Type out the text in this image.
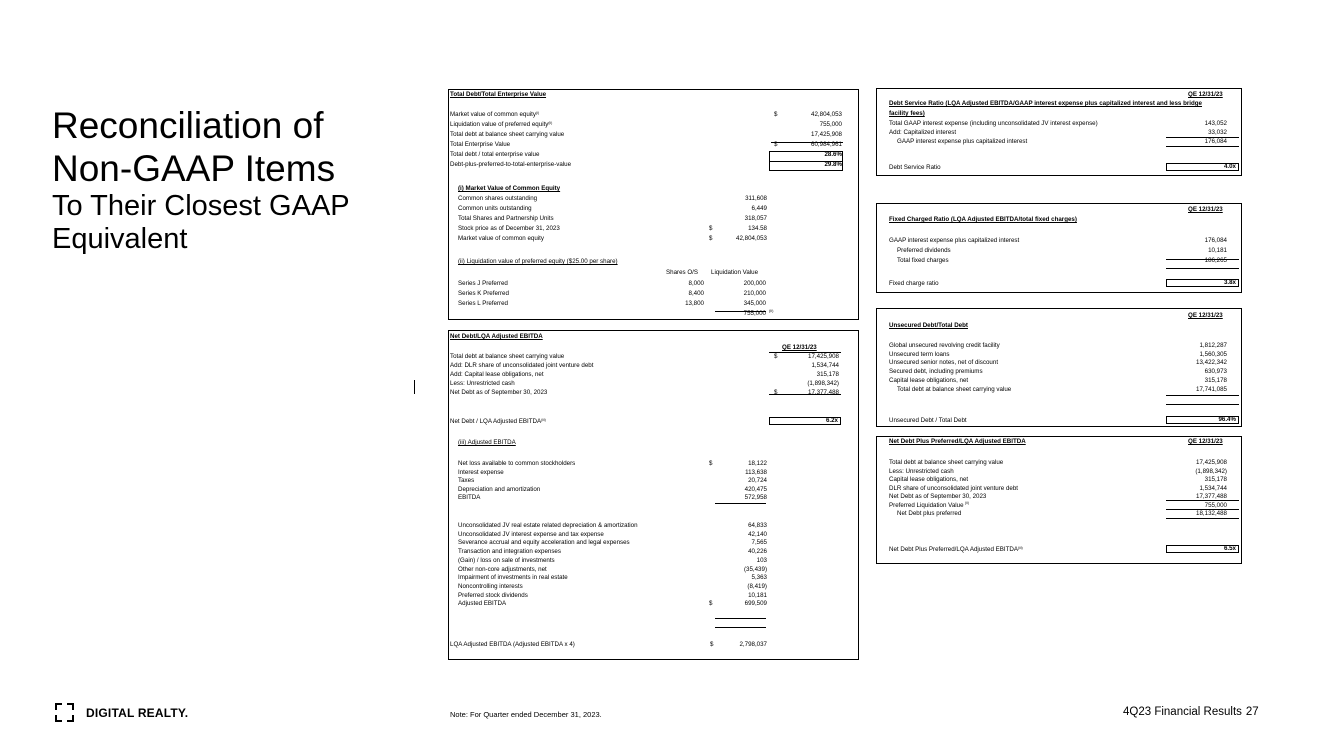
Reconciliation of
Non-GAAP Items
To Their Closest GAAP
Equivalent
Total Debt/Total Enterprise Value
Market value of common equity$^{(i)}$	$	42,804,053
Liquidation value of preferred equity$^{(ii)}$	755,000
Total debt at balance sheet carrying value	17,425,908
Total Enterprise Value	$	60,984,961
Total debt / total enterprise value	28.6%
Debt-plus-preferred-to-total-enterprise-value	29.8%
(i) Market Value of Common Equity
Common shares outstanding	311,608
Common units outstanding	6,449
Total Shares and Partnership Units	318,057
Stock price as of December 31, 2023	$	134.58
Market value of common equity	$	42,804,053
(ii) Liquidation value of preferred equity ($25.00 per share)
Shares O/S Liquidation Value
Series J Preferred	8,000	200,000
Series K Preferred	8,400	210,000
Series L Preferred	13,800	345,000
755,000 (ii)
Net Debt/LQA Adjusted EBITDA
QE 12/31/23
Total debt at balance sheet carrying value	$	17,425,908
Add: DLR share of unconsolidated joint venture debt	1,534,744
Add: Capital lease obligations, net	315,178
Less: Unrestricted cash	(1,898,342)
Net Debt as of September 30, 2023	$	17,377,488
Net Debt / LQA Adjusted EBITDA$^{(iii)}$	6.2x
(iii) Adjusted EBITDA
Net loss available to common stockholders	$	18,122
Interest expense	113,638
Taxes	20,724
Depreciation and amortization	420,475
EBITDA	572,958
Unconsolidated JV real estate related depreciation & amortization	64,833
Unconsolidated JV interest expense and tax expense	42,140
Severance accrual and equity acceleration and legal expenses	7,565
Transaction and integration expenses	40,226
(Gain) / loss on sale of investments	103
Other non-core adjustments, net	(35,439)
Impairment of investments in real estate	5,363
Noncontrolling interests	(8,419)
Preferred stock dividends	10,181
Adjusted EBITDA	$	699,509
LQA Adjusted EBITDA (Adjusted EBITDA x 4)	$	2,798,037
QE 12/31/23
Debt Service Ratio (LQA Adjusted EBITDA/GAAP interest expense plus capitalized interest and less bridge
facility fees)
Total GAAP interest expense (including unconsolidated JV interest expense)	143,052
Add: Capitalized interest	33,032
GAAP interest expense plus capitalized interest	176,084
Debt Service Ratio	4.0x
QE 12/31/23
Fixed Charged Ratio (LQA Adjusted EBITDA/total fixed charges)
GAAP interest expense plus capitalized interest	176,084
Preferred dividends	10,181
Total fixed charges	186,265
Fixed charge ratio	3.8x
QE 12/31/23
Unsecured Debt/Total Debt
Global unsecured revolving credit facility	1,812,287
Unsecured term loans	1,560,305
Unsecured senior notes, net of discount	13,422,342
Secured debt, including premiums	630,973
Capital lease obligations, net	315,178
Total debt at balance sheet carrying value	17,741,085
Unsecured Debt / Total Debt	96.4%
Net Debt Plus Preferred/LQA Adjusted EBITDA	QE 12/31/23
Total debt at balance sheet carrying value	17,425,908
Less: Unrestricted cash	(1,898,342)
Capital lease obligations, net	315,178
DLR share of unconsolidated joint venture debt	1,534,744
Net Debt as of September 30, 2023	17,377,488
Preferred Liquidation Value (ii)	755,000
Net Debt plus preferred	18,132,488
Net Debt Plus Preferred/LQA Adjusted EBITDA$^{(iii)}$	6.5x
DIGITAL REALTY.	Note: For Quarter ended December 31, 2023.	4Q23 Financial Results 27
